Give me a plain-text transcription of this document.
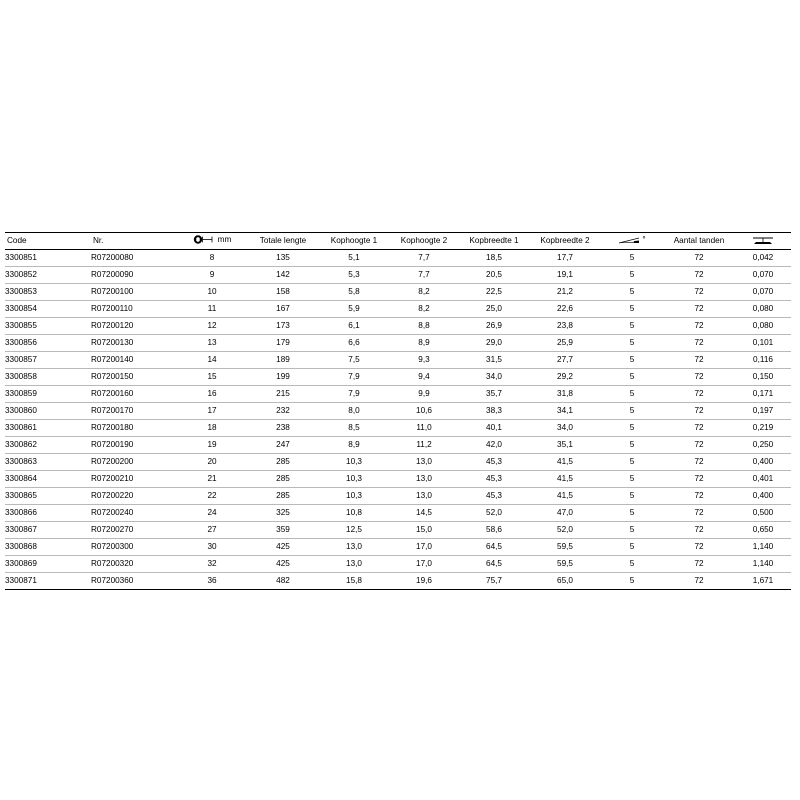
Code	Nr.	mm	Totale lengte	Kophoogte 1	Kophoogte 2	Kopbreedte 1	Kopbreedte 2	°	Aantal tanden	

3300851	R07200080	8	135	5,1	7,7	18,5	17,7	5	72	0,042
3300852	R07200090	9	142	5,3	7,7	20,5	19,1	5	72	0,070
3300853	R07200100	10	158	5,8	8,2	22,5	21,2	5	72	0,070
3300854	R07200110	11	167	5,9	8,2	25,0	22,6	5	72	0,080
3300855	R07200120	12	173	6,1	8,8	26,9	23,8	5	72	0,080
3300856	R07200130	13	179	6,6	8,9	29,0	25,9	5	72	0,101
3300857	R07200140	14	189	7,5	9,3	31,5	27,7	5	72	0,116
3300858	R07200150	15	199	7,9	9,4	34,0	29,2	5	72	0,150
3300859	R07200160	16	215	7,9	9,9	35,7	31,8	5	72	0,171
3300860	R07200170	17	232	8,0	10,6	38,3	34,1	5	72	0,197
3300861	R07200180	18	238	8,5	11,0	40,1	34,0	5	72	0,219
3300862	R07200190	19	247	8,9	11,2	42,0	35,1	5	72	0,250
3300863	R07200200	20	285	10,3	13,0	45,3	41,5	5	72	0,400
3300864	R07200210	21	285	10,3	13,0	45,3	41,5	5	72	0,401
3300865	R07200220	22	285	10,3	13,0	45,3	41,5	5	72	0,400
3300866	R07200240	24	325	10,8	14,5	52,0	47,0	5	72	0,500
3300867	R07200270	27	359	12,5	15,0	58,6	52,0	5	72	0,650
3300868	R07200300	30	425	13,0	17,0	64,5	59,5	5	72	1,140
3300869	R07200320	32	425	13,0	17,0	64,5	59,5	5	72	1,140
3300871	R07200360	36	482	15,8	19,6	75,7	65,0	5	72	1,671
